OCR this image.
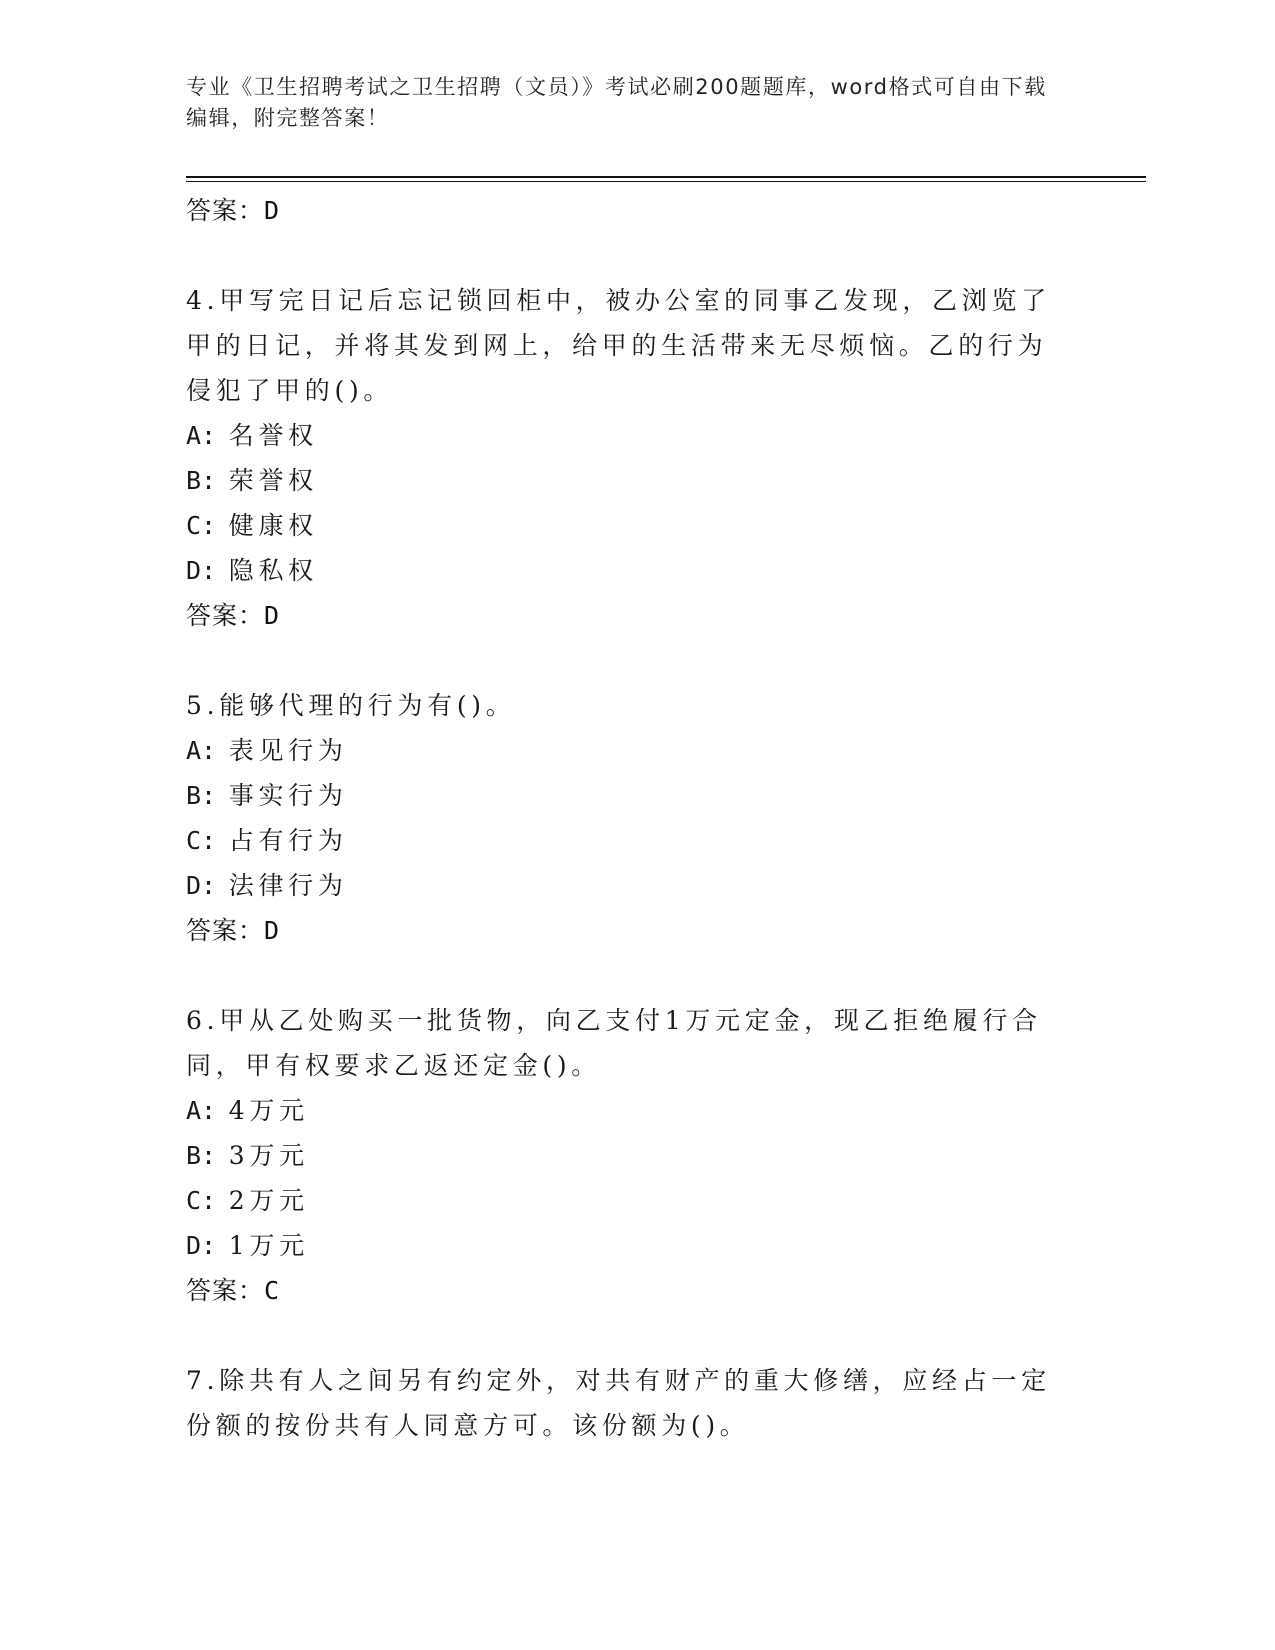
专业《卫生招聘考试之卫生招聘（文员）》考试必刷200题题库，word格式可自由下载编辑，附完整答案！
答案：D
4.甲写完日记后忘记锁回柜中，被办公室的同事乙发现，乙浏览了甲的日记，并将其发到网上，给甲的生活带来无尽烦恼。乙的行为侵犯了甲的()。
A: 名誉权
B: 荣誉权
C: 健康权
D: 隐私权
答案：D
5.能够代理的行为有()。
A: 表见行为
B: 事实行为
C: 占有行为
D: 法律行为
答案：D
6.甲从乙处购买一批货物，向乙支付1万元定金，现乙拒绝履行合同，甲有权要求乙返还定金()。
A: 4万元
B: 3万元
C: 2万元
D: 1万元
答案：C
7.除共有人之间另有约定外，对共有财产的重大修缮，应经占一定份额的按份共有人同意方可。该份额为()。
